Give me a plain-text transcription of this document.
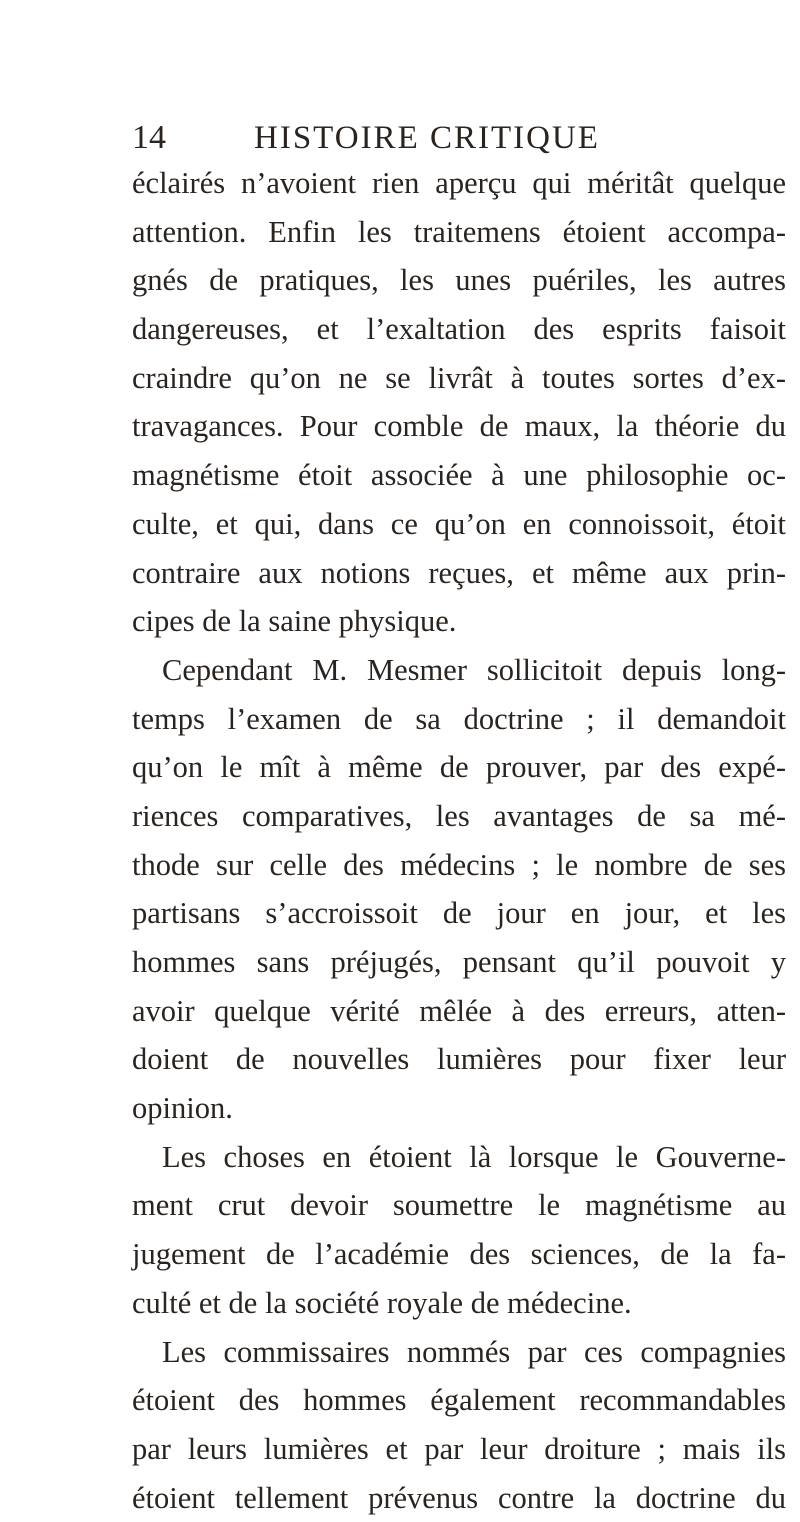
14	HISTOIRE CRITIQUE
éclairés n’avoient rien aperçu qui méritât quelque
attention. Enfin les traitemens étoient accompa-
gnés de pratiques, les unes puériles, les autres
dangereuses, et l’exaltation des esprits faisoit
craindre qu’on ne se livrât à toutes sortes d’ex-
travagances. Pour comble de maux, la théorie du
magnétisme étoit associée à une philosophie oc-
culte, et qui, dans ce qu’on en connoissoit, étoit
contraire aux notions reçues, et même aux prin-
cipes de la saine physique.
Cependant M. Mesmer sollicitoit depuis long-
temps l’examen de sa doctrine ; il demandoit
qu’on le mît à même de prouver, par des expé-
riences comparatives, les avantages de sa mé-
thode sur celle des médecins ; le nombre de ses
partisans s’accroissoit de jour en jour, et les
hommes sans préjugés, pensant qu’il pouvoit y
avoir quelque vérité mêlée à des erreurs, atten-
doient de nouvelles lumières pour fixer leur
opinion.
Les choses en étoient là lorsque le Gouverne-
ment crut devoir soumettre le magnétisme au
jugement de l’académie des sciences, de la fa-
culté et de la société royale de médecine.
Les commissaires nommés par ces compagnies
étoient des hommes également recommandables
par leurs lumières et par leur droiture ; mais ils
étoient tellement prévenus contre la doctrine du
